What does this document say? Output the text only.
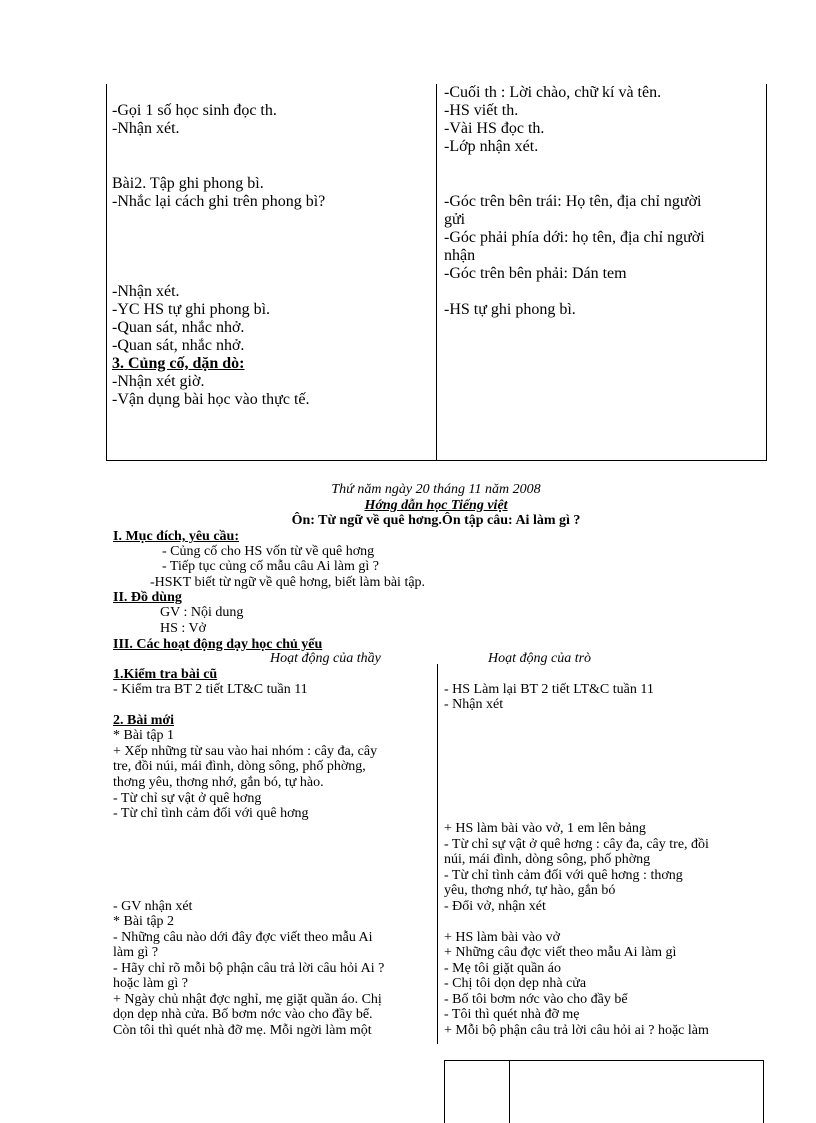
-Gọi 1 số học sinh đọc th.
-Nhận xét.
Bài2. Tập ghi phong bì.
-Nhắc lại cách ghi trên phong bì?
-Nhận xét.
-YC HS tự ghi phong bì.
-Quan sát, nhắc nhở.
-Quan sát, nhắc nhở.
3. Củng cố, dặn dò:
-Nhận xét giờ.
-Vận dụng bài học vào thực tế.
-Cuối th : Lời chào, chữ kí và tên.
-HS viết th.
-Vài HS đọc th.
-Lớp nhận xét.
-Góc trên bên trái: Họ tên, địa chỉ người
gửi
-Góc phải phía dới: họ tên, địa chỉ người
nhận
-Góc trên bên phải: Dán tem
-HS tự ghi phong bì.
Thứ năm ngày 20 tháng 11 năm 2008
Hớng dẫn học Tiếng việt
Ôn: Từ ngữ về quê hơng.Ôn tập câu: Ai làm gì ?
I. Mục đích, yêu cầu:
- Củng cố cho HS vốn từ về quê hơng
- Tiếp tục củng cố mẫu câu Ai làm gì ?
-HSKT biết từ ngữ về quê hơng, biết làm bài tập.
II. Đồ dùng
GV : Nội dung
HS : Vở
III. Các hoạt động dạy học chủ yếu
Hoạt động của thầy	Hoạt động của trò
1.Kiểm tra bài cũ
- Kiểm tra BT 2 tiết LT&C tuần 11
2. Bài mới
* Bài tập 1
+ Xếp những từ sau vào hai nhóm : cây đa, cây
tre, đồi núi, mái đình, dòng sông, phố phờng,
thơng yêu, thơng nhớ, gắn bó, tự hào.
- Từ chỉ sự vật ở quê hơng
- Từ chỉ tình cảm đối với quê hơng
- GV nhận xét
* Bài tập 2
- Những câu nào dới đây đợc viết theo mẫu Ai
làm gì ?
- Hãy chỉ rõ mỗi bộ phận câu trả lời câu hỏi Ai ?
hoặc làm gì ?
+ Ngày chủ nhật đợc nghỉ, mẹ giặt quần áo. Chị
dọn dẹp nhà cửa. Bố bơm nớc vào cho đầy bể.
Còn tôi thì quét nhà đỡ mẹ. Mỗi ngời làm một
- HS Làm lại BT 2 tiết LT&C tuần 11
- Nhận xét
+ HS làm bài vào vở, 1 em lên bảng
- Từ chỉ sự vật ở quê hơng : cây đa, cây tre, đồi
núi, mái đình, dòng sông, phố phờng
- Từ chỉ tình cảm đối với quê hơng : thơng
yêu, thơng nhớ, tự hào, gắn bó
- Đổi vở, nhận xét
+ HS làm bài vào vở
+ Những câu đợc viết theo mẫu Ai làm gì
- Mẹ tôi giặt quần áo
- Chị tôi dọn dẹp nhà cửa
- Bố tôi bơm nớc vào cho đầy bể
- Tôi thì quét nhà đỡ mẹ
+ Mỗi bộ phận câu trả lời câu hỏi ai ? hoặc làm
